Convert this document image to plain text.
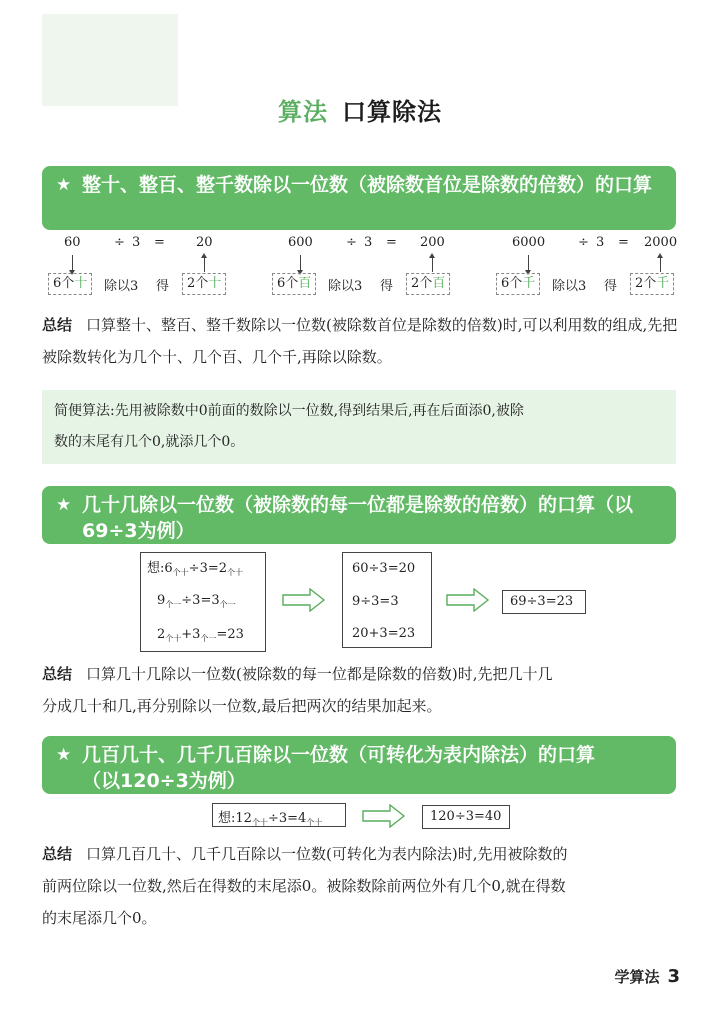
算法 口算除法
★ 整十、整百、整千数除以一位数（被除数首位是除数的倍数）的口算
60	÷ 3 = 20
6个十	除以3 得	2个十
600	÷ 3 = 200
6个百	除以3 得	2个百
6000	÷ 3 = 2000
6个千	除以3 得	2个千
总结 口算整十、整百、整千数除以一位数(被除数首位是除数的倍数)时,可以利用数的组成,先把被除数转化为几个十、几个百、几个千,再除以除数。
简便算法:先用被除数中0前面的数除以一位数,得到结果后,再在后面添0,被除
数的末尾有几个0,就添几个0。
★ 几十几除以一位数（被除数的每一位都是除数的倍数）的口算（以69÷3为例）
想$:6_{个十}\div 3=2_{个十}$
$9_{个一}\div 3=3_{个一}$
$2_{个十}+3_{个一}=23$
60÷3=20
9÷3=3
20+3=23
69÷3=23
总结 口算几十几除以一位数(被除数的每一位都是除数的倍数)时,先把几十几
分成几十和几,再分别除以一位数,最后把两次的结果加起来。
★ 几百几十、几千几百除以一位数（可转化为表内除法）的口算
（以120÷3为例）
想$:12_{个十}\div 3=4_{个十}$	120÷3=40
总结 口算几百几十、几千几百除以一位数(可转化为表内除法)时,先用被除数的
前两位除以一位数,然后在得数的末尾添0。被除数除前两位外有几个0,就在得数
的末尾添几个0。
学算法 3
